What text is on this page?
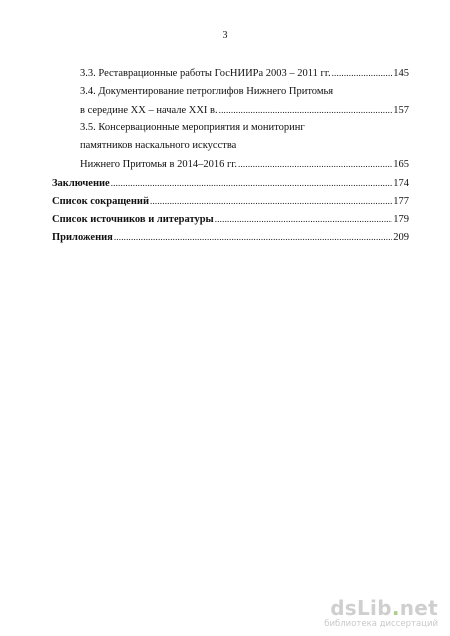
3
3.3. Реставрационные работы ГосНИИРа 2003 – 2011 гг. .....	145
3.4. Документирование петроглифов Нижнего Притомья
в середине ХХ – начале ХХI в. .....	157
3.5. Консервационные мероприятия и мониторинг
памятников наскального искусства
Нижнего Притомья в 2014–2016 гг. .....	165
Заключение .....	174
Список сокращений .....	177
Список источников и литературы .....	179
Приложения .....	209
dsLib.net
библиотека диссертаций
